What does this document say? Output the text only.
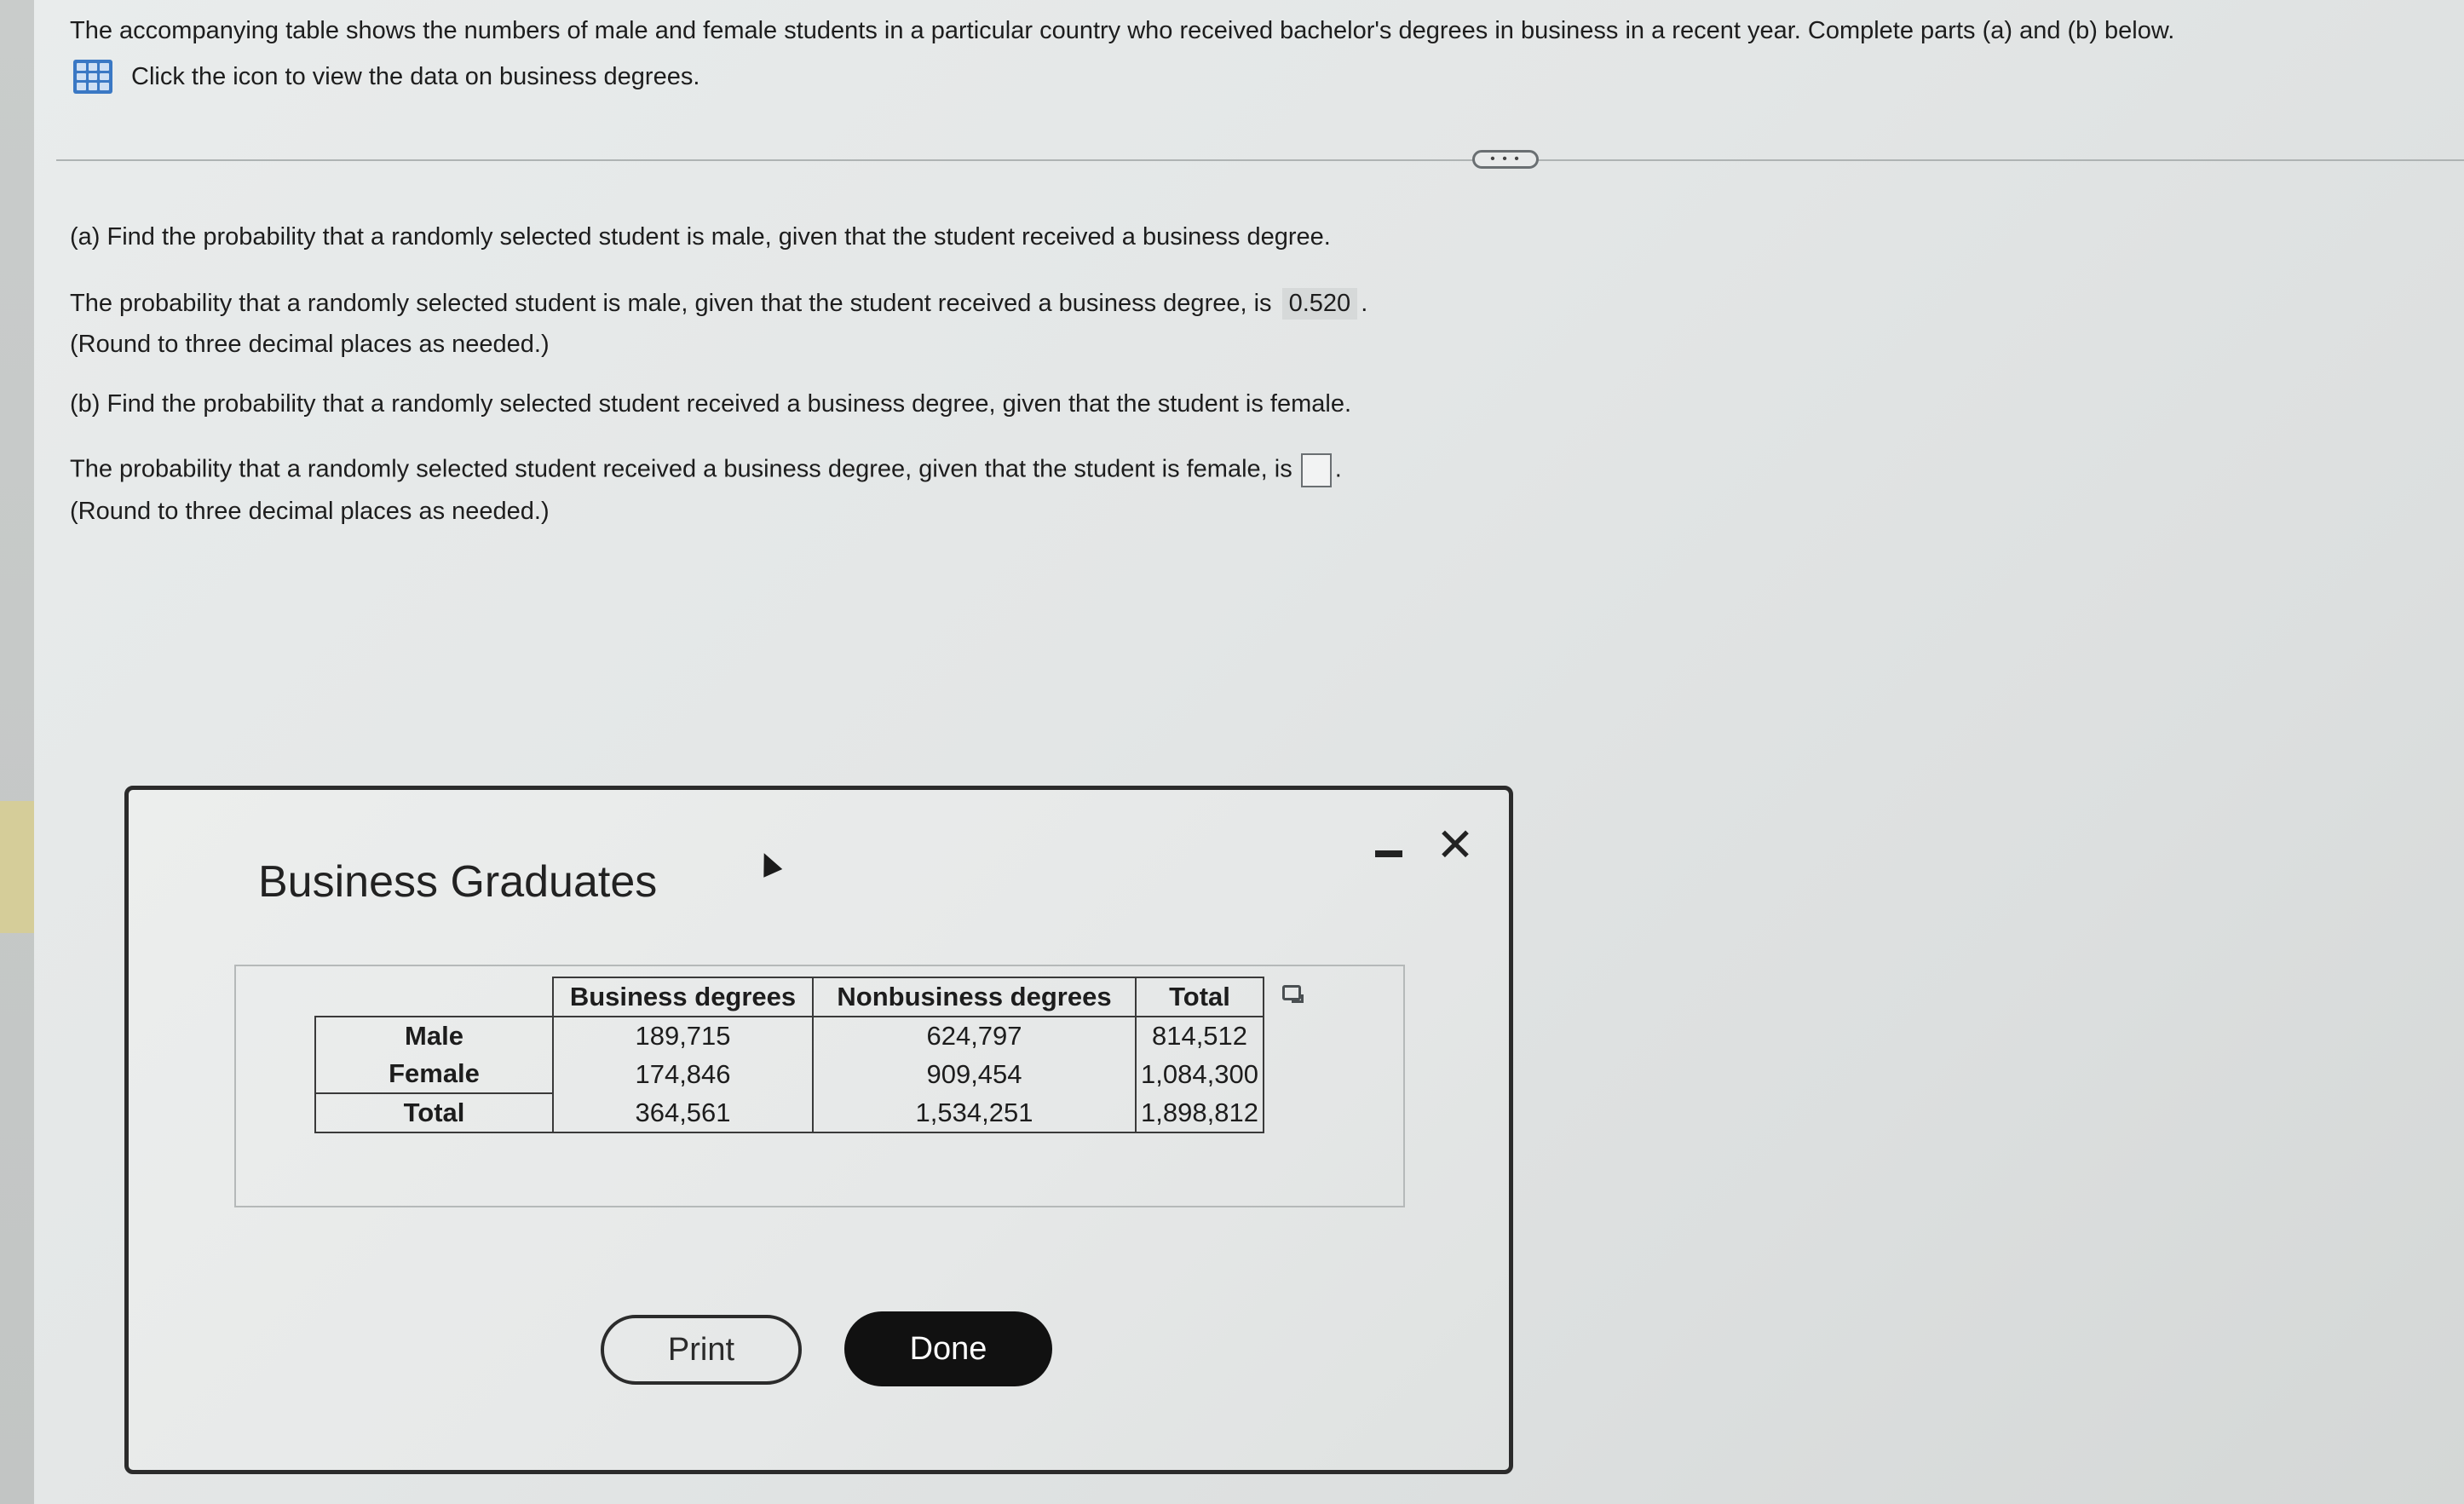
The accompanying table shows the numbers of male and female students in a particular country who received bachelor's degrees in business in a recent year. Complete parts (a) and (b) below.
Click the icon to view the data on business degrees.
• • •
(a) Find the probability that a randomly selected student is male, given that the student received a business degree.
The probability that a randomly selected student is male, given that the student received a business degree, is 0.520 .
(Round to three decimal places as needed.)
(b) Find the probability that a randomly selected student received a business degree, given that the student is female.
The probability that a randomly selected student received a business degree, given that the student is female, is .
(Round to three decimal places as needed.)
Business Graduates
✕
	Business degrees	Nonbusiness degrees	Total
Male	189,715	624,797	814,512
Female	174,846	909,454	1,084,300
Total	364,561	1,534,251	1,898,812
Print	Done
